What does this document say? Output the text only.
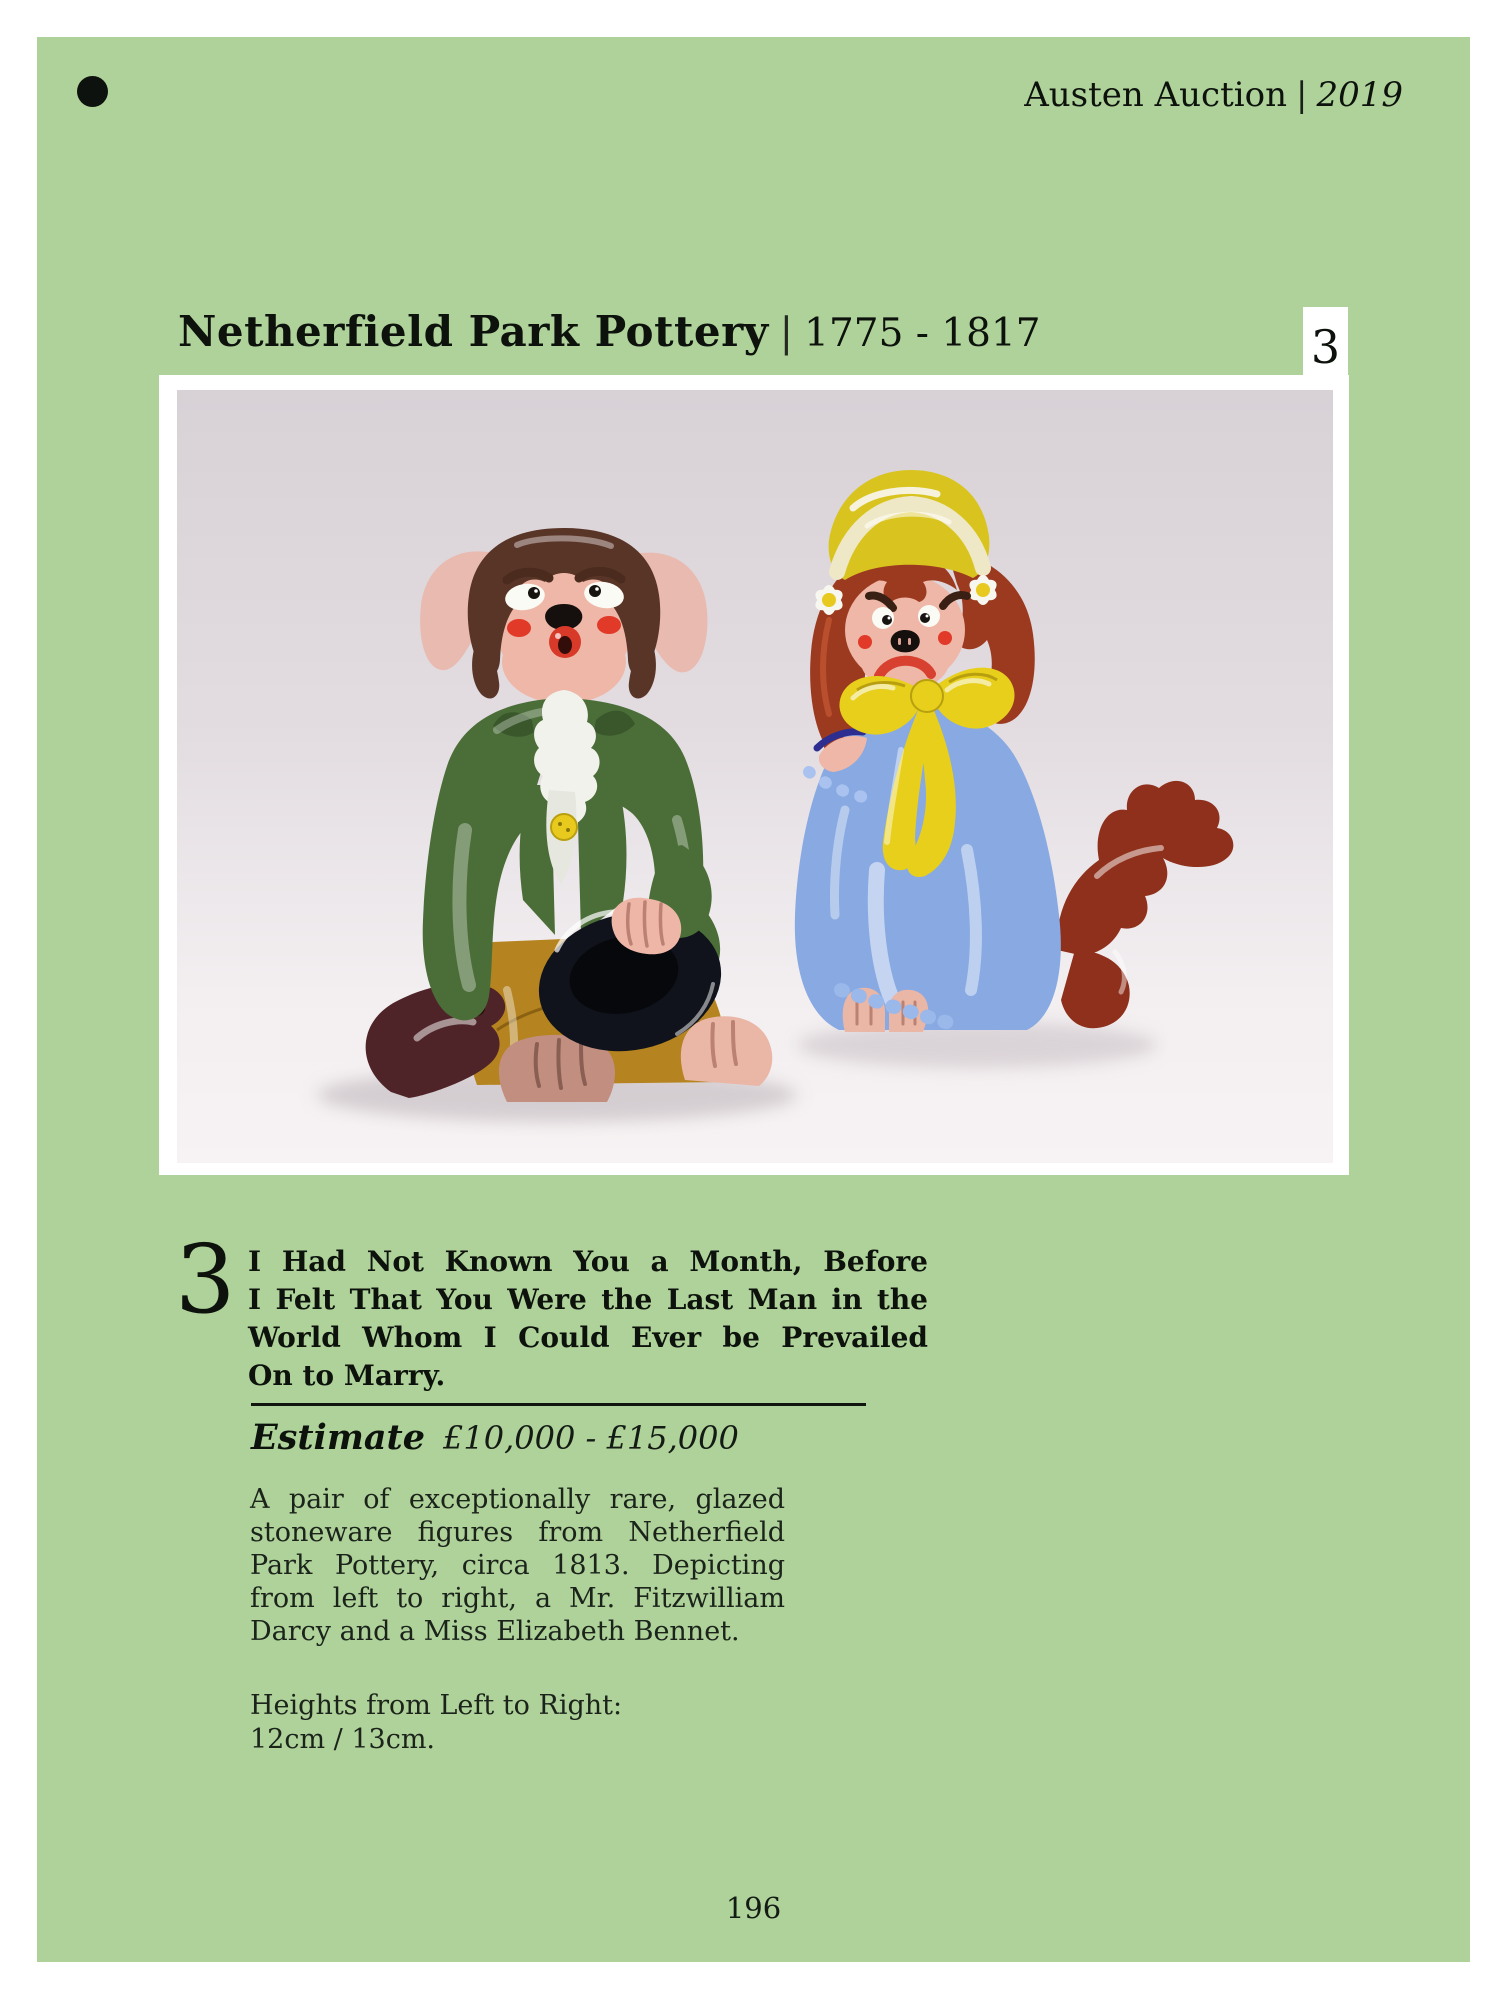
Austen Auction | 2019
Netherfield Park Pottery | 1775 - 1817	3
3 I Had Not Known You a Month, Before
I Felt That You Were the Last Man in the
World Whom I Could Ever be Prevailed
On to Marry.
Estimate £10,000 - £15,000
A pair of exceptionally rare, glazed
stoneware figures from Netherfield
Park Pottery, circa 1813. Depicting
from left to right, a Mr. Fitzwilliam
Darcy and a Miss Elizabeth Bennet.
Heights from Left to Right:
12cm / 13cm.
196
